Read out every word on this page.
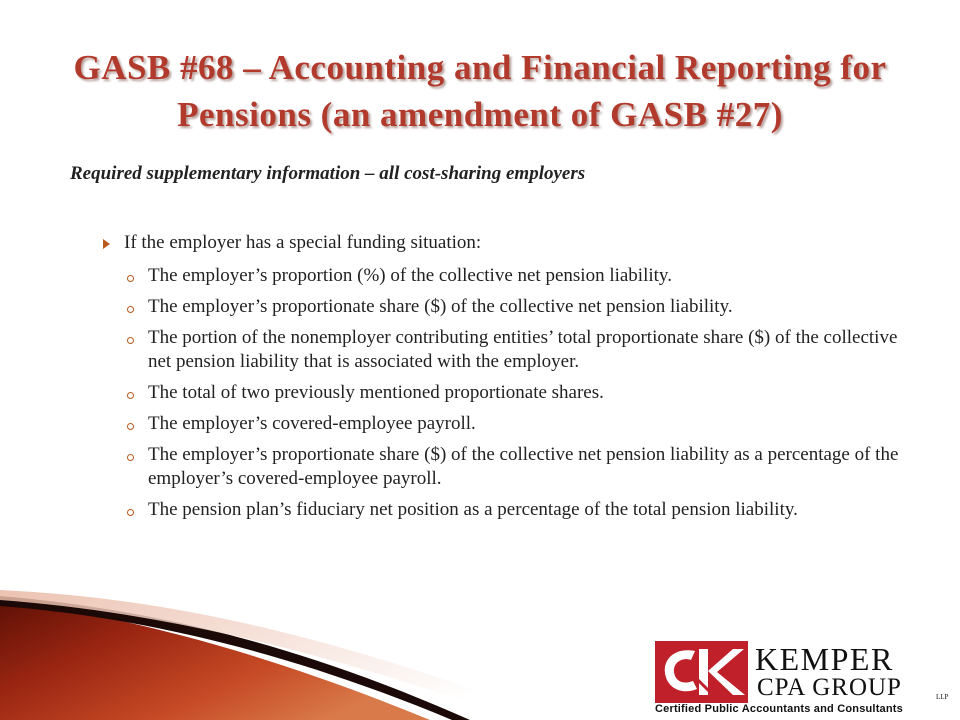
GASB #68 – Accounting and Financial Reporting for Pensions (an amendment of GASB #27)
Required supplementary information – all cost-sharing employers
If the employer has a special funding situation:
The employer’s proportion (%) of the collective net pension liability.
The employer’s proportionate share ($) of the collective net pension liability.
The portion of the nonemployer contributing entities’ total proportionate share ($) of the collective net pension liability that is associated with the employer.
The total of two previously mentioned proportionate shares.
The employer’s covered-employee payroll.
The employer’s proportionate share ($) of the collective net pension liability as a percentage of the employer’s covered-employee payroll.
The pension plan’s fiduciary net position as a percentage of the total pension liability.
KEMPER
CPA GROUP	LLP
Certified Public Accountants and Consultants
